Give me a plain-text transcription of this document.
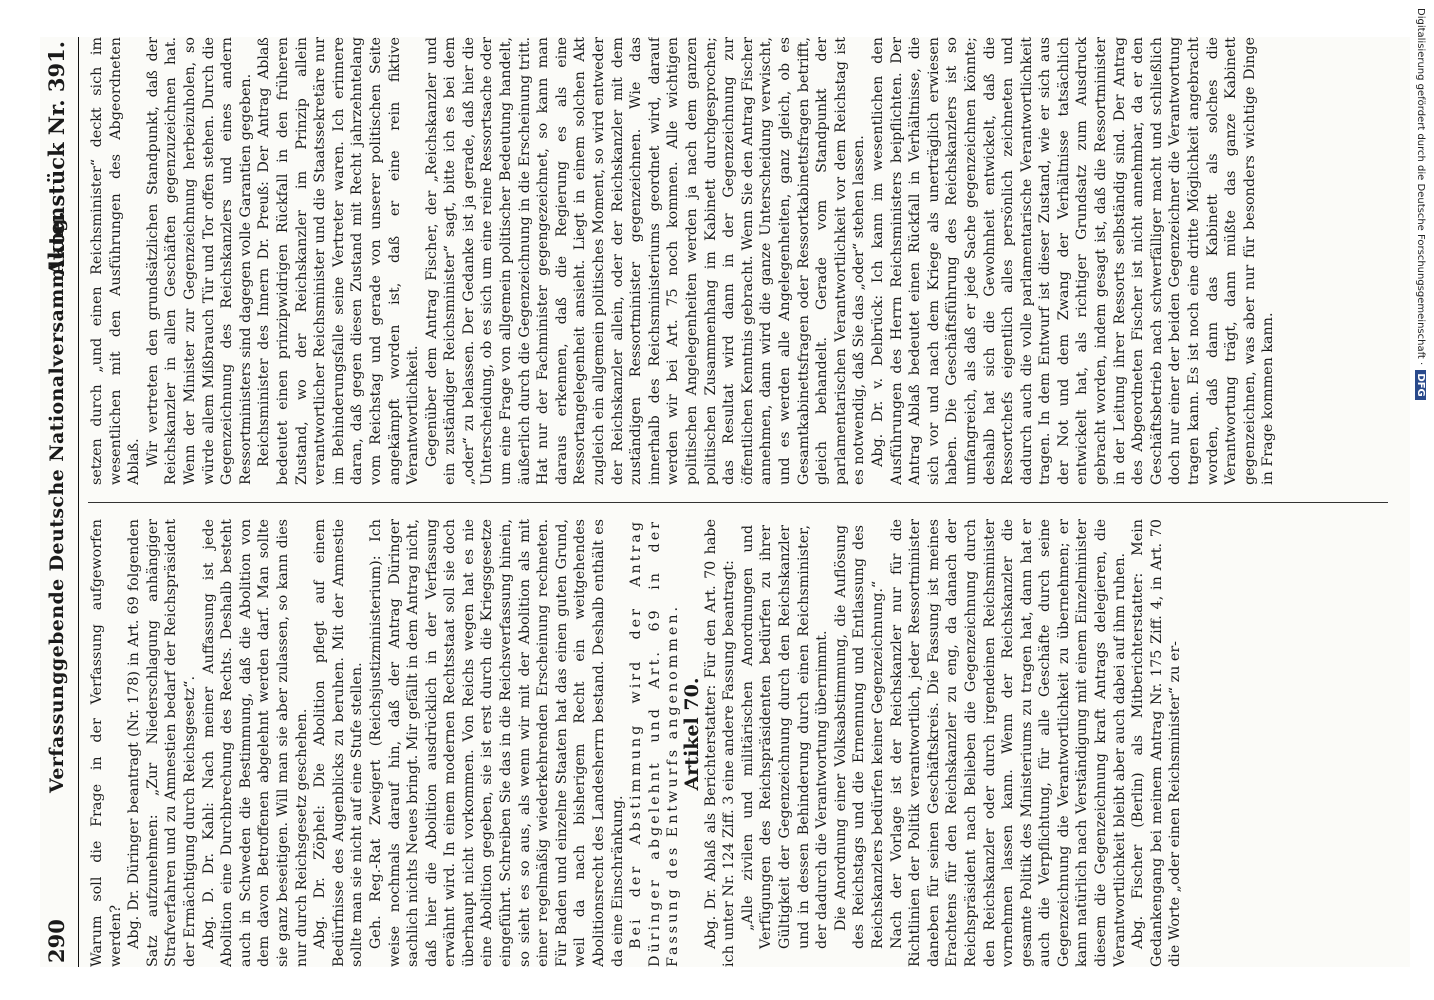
290
Verfassunggebende Deutsche Nationalversammlung.
Aktenstück Nr. 391.

Warum soll die Frage in der Verfassung aufgeworfen werden? Abg. Dr. Düringer beantragt (Nr. 178) in Art. 69 folgenden Satz aufzunehmen: „Zur Niederschlagung anhängiger Strafverfahren und zu Amnestien bedarf der Reichspräsident der Ermächtigung durch Reichsgesetz“. Abg. D. Dr. Kahl: Nach meiner Auffassung ist jede Abolition eine Durchbrechung des Rechts. Deshalb besteht auch in Schweden die Bestimmung, daß die Abolition von dem davon Betroffenen abgelehnt werden darf. Man sollte sie ganz beseitigen. Will man sie aber zulassen, so kann dies nur durch Reichsgesetz geschehen. Abg. Dr. Zöphel: Die Abolition pflegt auf einem Bedürfnisse des Augenblicks zu beruhen. Mit der Amnestie sollte man sie nicht auf eine Stufe stellen. Geh. Reg.-Rat Zweigert (Reichsjustizministerium): Ich weise nochmals darauf hin, daß der Antrag Düringer sachlich nichts Neues bringt. Mir gefällt in dem Antrag nicht, daß hier die Abolition ausdrücklich in der Verfassung erwähnt wird. In einem modernen Rechtsstaat soll sie doch überhaupt nicht vorkommen. Von Reichs wegen hat es nie eine Abolition gegeben, sie ist erst durch die Kriegsgesetze eingeführt. Schreiben Sie das in die Reichsverfassung hinein, so sieht es so aus, als wenn wir mit der Abolition als mit einer regelmäßig wiederkehrenden Erscheinung rechneten. Für Baden und einzelne Staaten hat das einen guten Grund, weil da nach bisherigem Recht ein weitgehendes Abolitionsrecht des Landesherrn bestand. Deshalb enthält es da eine Einschränkung. Bei der Abstimmung wird der Antrag Düringer abgelehnt und Art. 69 in der Fassung des Entwurfs angenommen. Artikel 70. Abg. Dr. Ablaß als Berichterstatter: Für den Art. 70 habe ich unter Nr. 124 Ziff. 3 eine andere Fassung beantragt: „Alle zivilen und militärischen Anordnungen und Verfügungen des Reichspräsidenten bedürfen zu ihrer Gültigkeit der Gegenzeichnung durch den Reichskanzler und in dessen Behinderung durch einen Reichsminister, der dadurch die Verantwortung übernimmt. Die Anordnung einer Volksabstimmung, die Auflösung des Reichstags und die Ernennung und Entlassung des Reichskanzlers bedürfen keiner Gegenzeichnung.“ Nach der Vorlage ist der Reichskanzler nur für die Richtlinien der Politik verantwortlich, jeder Ressortminister daneben für seinen Geschäftskreis. Die Fassung ist meines Erachtens für den Reichskanzler zu eng, da danach der Reichspräsident nach Belieben die Gegenzeichnung durch den Reichskanzler oder durch irgendeinen Reichsminister vornehmen lassen kann. Wenn der Reichskanzler die gesamte Politik des Ministeriums zu tragen hat, dann hat er auch die Verpflichtung, für alle Geschäfte durch seine Gegenzeichnung die Verantwortlichkeit zu übernehmen; er kann natürlich nach Verständigung mit einem Einzelminister diesem die Gegenzeichnung kraft Antrags delegieren, die Verantwortlichkeit bleibt aber auch dabei auf ihm ruhen. Abg. Fischer (Berlin) als Mitberichterstatter: Mein Gedankengang bei meinem Antrag Nr. 175 Ziff. 4, in Art. 70 die Worte „oder einen Reichsminister“ zu er-

setzen durch „und einen Reichsminister“ deckt sich im wesentlichen mit den Ausführungen des Abgeordneten Ablaß. Wir vertreten den grundsätzlichen Standpunkt, daß der Reichskanzler in allen Geschäften gegenzuzeichnen hat. Wenn der Minister zur Gegenzeichnung herbeizuholen, so würde allem Mißbrauch Tür und Tor offen stehen. Durch die Gegenzeichnung des Reichskanzlers und eines andern Ressortministers sind dagegen volle Garantien gegeben. Reichsminister des Innern Dr. Preuß: Der Antrag Ablaß bedeutet einen prinzipwidrigen Rückfall in den früheren Zustand, wo der Reichskanzler im Prinzip allein verantwortlicher Reichsminister und die Staatssekretäre nur im Behinderungsfalle seine Vertreter waren. Ich erinnere daran, daß gegen diesen Zustand mit Recht jahrzehntelang vom Reichstag und gerade von unserer politischen Seite angekämpft worden ist, daß er eine rein fiktive Verantwortlichkeit. Gegenüber dem Antrag Fischer, der „Reichskanzler und ein zuständiger Reichsminister“ sagt, bitte ich es bei dem „oder“ zu belassen. Der Gedanke ist ja gerade, daß hier die Unterscheidung, ob es sich um eine reine Ressortsache oder um eine Frage von allgemein politischer Bedeutung handelt, äußerlich durch die Gegenzeichnung in die Erscheinung tritt. Hat nur der Fachminister gegengezeichnet, so kann man daraus erkennen, daß die Regierung es als eine Ressortangelegenheit ansieht. Liegt in einem solchen Akt zugleich ein allgemein politisches Moment, so wird entweder der Reichskanzler allein, oder der Reichskanzler mit dem zuständigen Ressortminister gegenzeichnen. Wie das innerhalb des Reichsministeriums geordnet wird, darauf werden wir bei Art. 75 noch kommen. Alle wichtigen politischen Angelegenheiten werden ja nach dem ganzen politischen Zusammenhang im Kabinett durchgesprochen; das Resultat wird dann in der Gegenzeichnung zur öffentlichen Kenntnis gebracht. Wenn Sie den Antrag Fischer annehmen, dann wird die ganze Unterscheidung verwischt, und es werden alle Angelegenheiten, ganz gleich, ob es Gesamtkabinettsfragen oder Ressortkabinettsfragen betrifft, gleich behandelt. Gerade vom Standpunkt der parlamentarischen Verantwortlichkeit vor dem Reichstag ist es notwendig, daß Sie das „oder“ stehen lassen. Abg. Dr. v. Delbrück: Ich kann im wesentlichen den Ausführungen des Herrn Reichsministers beipflichten. Der Antrag Ablaß bedeutet einen Rückfall in Verhältnisse, die sich vor und nach dem Kriege als unerträglich erwiesen haben. Die Geschäftsführung des Reichskanzlers ist so umfangreich, als daß er jede Sache gegenzeichnen könnte; deshalb hat sich die Gewohnheit entwickelt, daß die Ressortchefs eigentlich alles persönlich zeichneten und dadurch auch die volle parlamentarische Verantwortlichkeit tragen. In dem Entwurf ist dieser Zustand, wie er sich aus der Not und dem Zwang der Verhältnisse tatsächlich entwickelt hat, als richtiger Grundsatz zum Ausdruck gebracht worden, indem gesagt ist, daß die Ressortminister in der Leitung ihrer Ressorts selbständig sind. Der Antrag des Abgeordneten Fischer ist nicht annehmbar, da er den Geschäftsbetrieb nach schwerfälliger macht und schließlich doch nur einer der beiden Gegenzeichner die Verantwortung tragen kann. Es ist noch eine dritte Möglichkeit angebracht worden, daß dann das Kabinett als solches die Verantwortung trägt, dann müßte das ganze Kabinett gegenzeichnen, was aber nur für besonders wichtige Dinge in Frage kommen kann.

Digitalisierung gefördert durch die Deutsche Forschungsgemeinschaft · DFG
